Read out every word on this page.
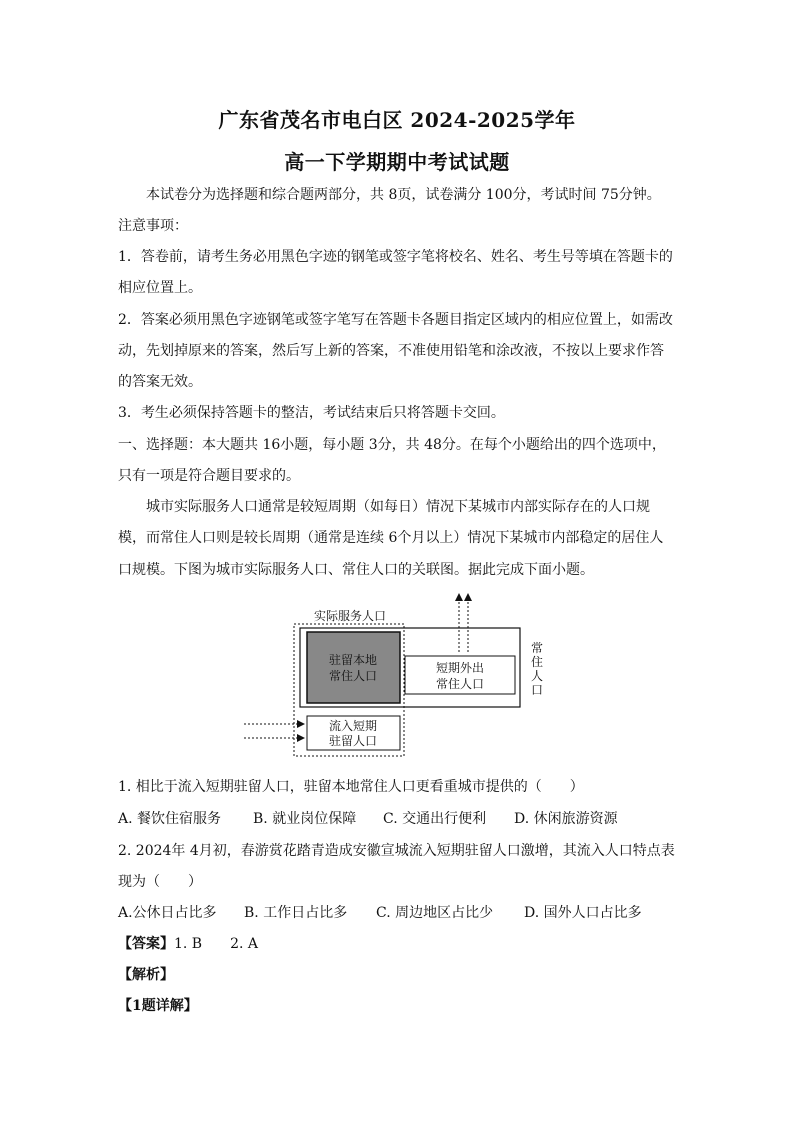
广东省茂名市电白区 2024-2025学年
高一下学期期中考试试题
本试卷分为选择题和综合题两部分，共 8页，试卷满分 100分，考试时间 75分钟。
注意事项：
1．答卷前，请考生务必用黑色字迹的钢笔或签字笔将校名、姓名、考生号等填在答题卡的
相应位置上。
2．答案必须用黑色字迹钢笔或签字笔写在答题卡各题目指定区域内的相应位置上，如需改
动，先划掉原来的答案，然后写上新的答案，不准使用铅笔和涂改液，不按以上要求作答
的答案无效。
3．考生必须保持答题卡的整洁，考试结束后只将答题卡交回。
一、选择题：本大题共 16小题，每小题 3分，共 48分。在每个小题给出的四个选项中，
只有一项是符合题目要求的。
城市实际服务人口通常是较短周期（如每日）情况下某城市内部实际存在的人口规
模，而常住人口则是较长周期（通常是连续 6个月以上）情况下某城市内部稳定的居住人
口规模。下图为城市实际服务人口、常住人口的关联图。据此完成下面小题。
实际服务人口
驻留本地
常住人口
短期外出
常住人口
流入短期
驻留人口
常
住
人
口
1. 相比于流入短期驻留人口，驻留本地常住人口更看重城市提供的（　　）
A. 餐饮住宿服务 B. 就业岗位保障 C. 交通出行便利 D. 休闲旅游资源
2. 2024年 4月初，春游赏花踏青造成安徽宣城流入短期驻留人口激增，其流入人口特点表
现为（　　）
A.公休日占比多 B. 工作日占比多 C. 周边地区占比少 D. 国外人口占比多
【答案】1. B　　2. A
【解析】
【1题详解】
